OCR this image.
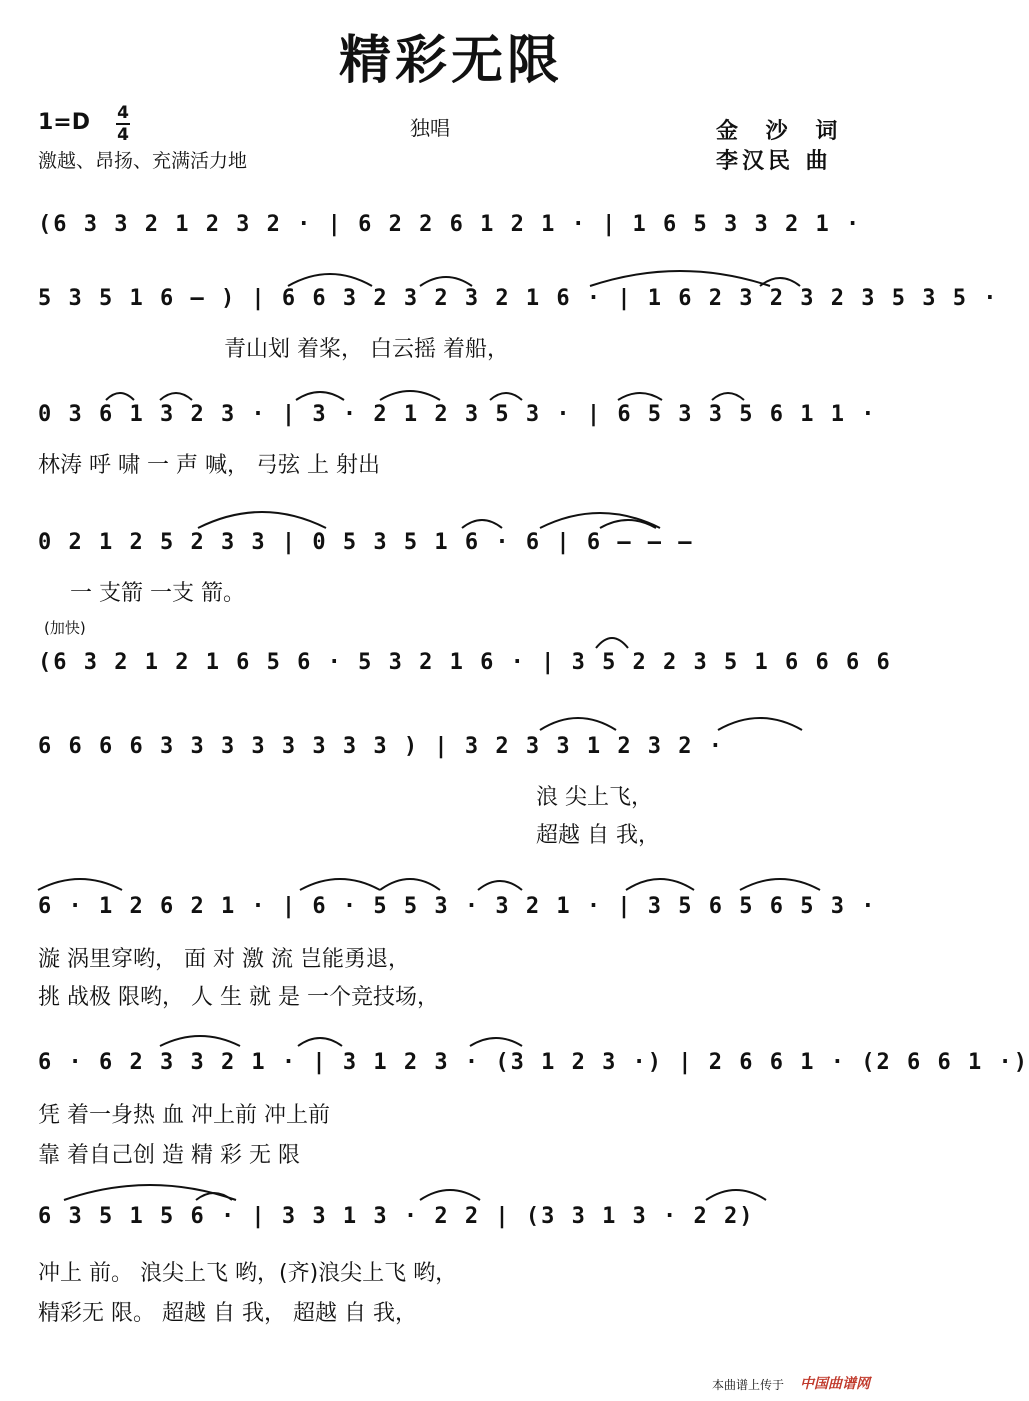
精彩无限
1=D 4
4	独唱	金 沙 词
李汉民 曲
激越、昂扬、充满活力地
(加快)
(6 3 3 2 1 2 3 2 · | 6 2 2 6 1 2 1 · | 1 6 5 3 3 2 1 ·
5 3 5 1 6 – ) | 6 6 3 2 3 2 3 2 1 6 · | 1 6 2 3 2 3 2 3 5 3 5 ·
青山划 着桨， 白云摇 着船，
0 3 6 1 3 2 3 · | 3 · 2 1 2 3 5 3 · | 6 5 3 3 5 6 1 1 ·
林涛 呼 啸 一 声 喊， 弓弦 上 射出
0 2 1 2 5 2 3 3 | 0 5 3 5 1 6 · 6 | 6 – – –
一 支箭 一支 箭。
(6 3 2 1 2 1 6 5 6 · 5 3 2 1 6 · | 3 5 2 2 3 5 1 6 6 6 6
6 6 6 6 3 3 3 3 3 3 3 3 ) | 3 2 3 3 1 2 3 2 ·
浪 尖上飞，
超越 自 我，
6 · 1 2 6 2 1 · | 6 · 5 5 3 · 3 2 1 · | 3 5 6 5 6 5 3 ·
漩 涡里穿哟， 面 对 激 流 岂能勇退，
挑 战极 限哟， 人 生 就 是 一个竞技场，
6 · 6 2 3 3 2 1 · | 3 1 2 3 · (3 1 2 3 ·) | 2 6 6 1 · (2 6 6 1 ·)
凭 着一身热 血 冲上前 冲上前
靠 着自己创 造 精 彩 无 限
6 3 5 1 5 6 · | 3 3 1 3 · 2 2 | (3 3 1 3 · 2 2)
冲上 前。 浪尖上飞 哟，(齐)浪尖上飞 哟，
精彩无 限。 超越 自 我， 超越 自 我，
本曲谱上传于 中国曲谱网
